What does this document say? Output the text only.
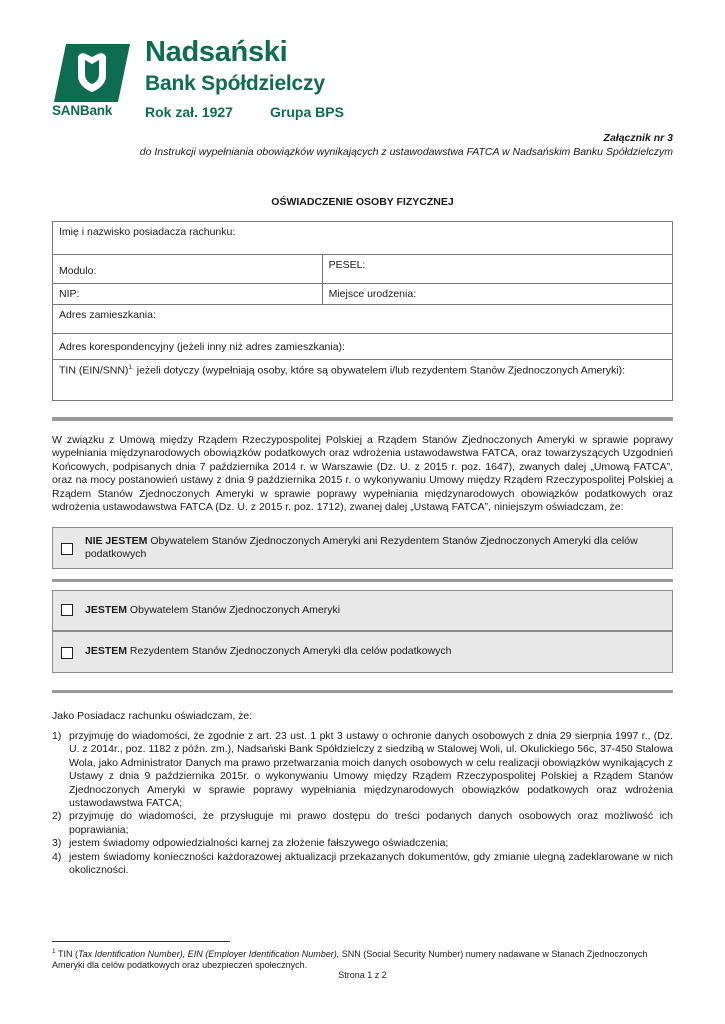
SANBank
Nadsański
Bank Spółdzielczy
Rok zał. 1927	Grupa BPS
Załącznik nr 3
do Instrukcji wypełniania obowiązków wynikających z ustawodawstwa FATCA w Nadsańskim Banku Spółdzielczym
OŚWIADCZENIE OSOBY FIZYCZNEJ
Imię i nazwisko posiadacza rachunku:	
Modulo:	PESEL:
NIP:	Miejsce urodzenia:
Adres zamieszkania:	
Adres korespondencyjny (jeżeli inny niż adres zamieszkania):	
TIN $(EIN/SNN)^{1.}$ jeżeli dotyczy (wypełniają osoby, które są obywatelem i/lub rezydentem Stanów Zjednoczonych Ameryki):	
W związku z Umową między Rządem Rzeczypospolitej Polskiej a Rządem Stanów Zjednoczonych Ameryki w sprawie poprawy wypełniania międzynarodowych obowiązków podatkowych oraz wdrożenia ustawodawstwa FATCA, oraz towarzyszących Uzgodnień Końcowych, podpisanych dnia 7 października 2014 r. w Warszawie (Dz. U. z 2015 r. poz. 1647), zwanych dalej „Umową FATCA”, oraz na mocy postanowień ustawy z dnia 9 października 2015 r. o wykonywaniu Umowy między Rządem Rzeczypospolitej Polskiej a Rządem Stanów Zjednoczonych Ameryki w sprawie poprawy wypełniania międzynarodowych obowiązków podatkowych oraz wdrożenia ustawodawstwa FATCA (Dz. U. z 2015 r. poz. 1712), zwanej dalej „Ustawą FATCA”, niniejszym oświadczam, że:
NIE JESTEM Obywatelem Stanów Zjednoczonych Ameryki ani Rezydentem Stanów Zjednoczonych Ameryki dla celów podatkowych
JESTEM Obywatelem Stanów Zjednoczonych Ameryki
JESTEM Rezydentem Stanów Zjednoczonych Ameryki dla celów podatkowych
Jako Posiadacz rachunku oświadczam, że:
1) przyjmuję do wiadomości, że zgodnie z art. 23 ust. 1 pkt 3 ustawy o ochronie danych osobowych z dnia 29 sierpnia 1997 r., (Dz. U. z 2014r., poz. 1182 z późn. zm.), Nadsański Bank Spółdzielczy z siedzibą w Stalowej Woli, ul. Okulickiego 56c, 37-450 Stalowa Wola, jako Administrator Danych ma prawo przetwarzania moich danych osobowych w celu realizacji obowiązków wynikających z Ustawy z dnia 9 października 2015r. o wykonywaniu Umowy między Rządem Rzeczypospolitej Polskiej a Rządem Stanów Zjednoczonych Ameryki w sprawie poprawy wypełniania międzynarodowych obowiązków podatkowych oraz wdrożenia ustawodawstwa FATCA;
2) przyjmuję do wiadomości, że przysługuje mi prawo dostępu do treści podanych danych osobowych oraz możliwość ich poprawiania;
3) jestem świadomy odpowiedzialności karnej za złożenie fałszywego oświadczenia;
4) jestem świadomy konieczności każdorazowej aktualizacji przekazanych dokumentów, gdy zmianie ulegną zadeklarowane w nich okoliczności.
$^1$ TIN (Tax Identification Number), EIN (Employer Identification Number), SNN (Social Security Number) numery nadawane w Stanach Zjednoczonych Ameryki dla celów podatkowych oraz ubezpieczeń społecznych.
Strona 1 z 2
